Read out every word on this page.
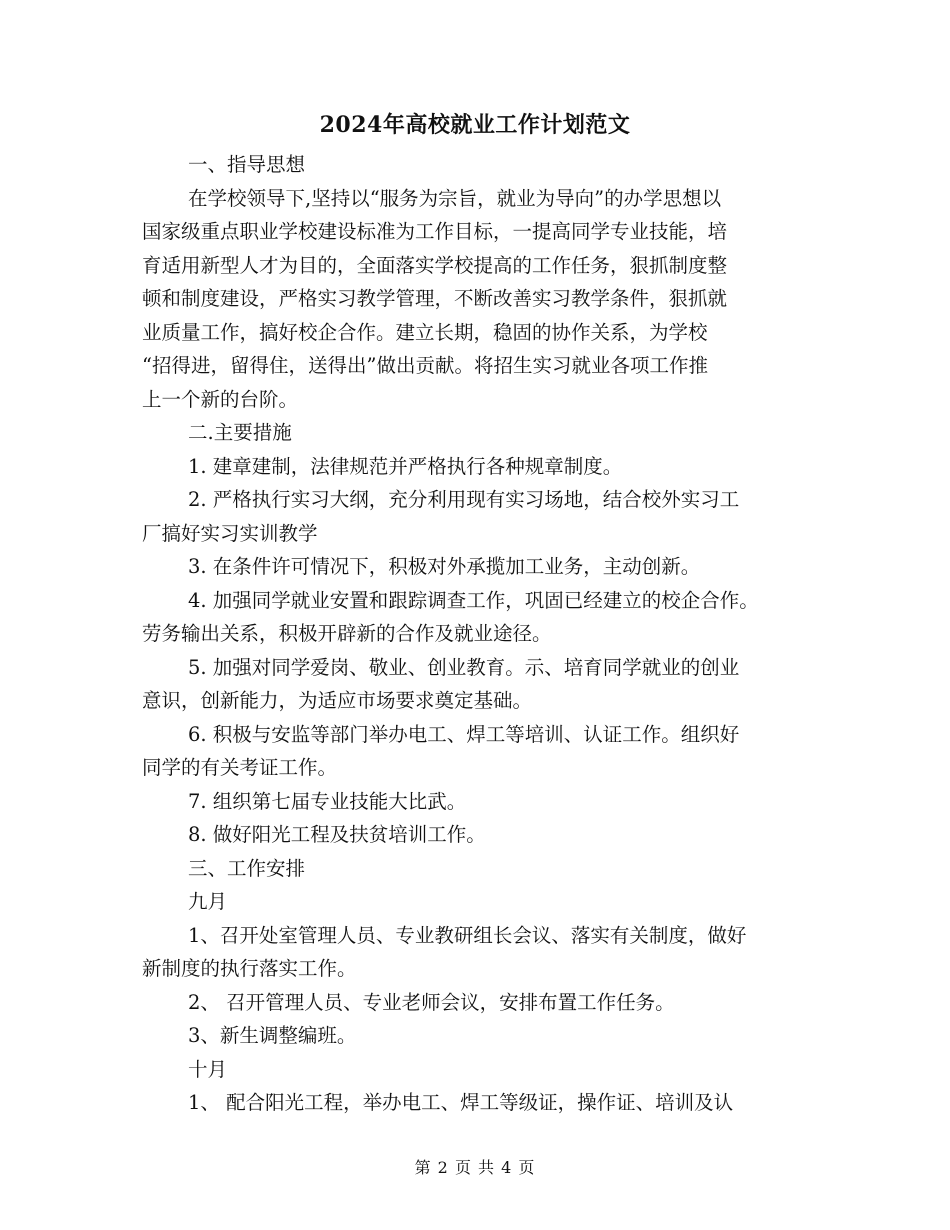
2024年高校就业工作计划范文
一、指导思想
在学校领导下,坚持以“服务为宗旨，就业为导向”的办学思想以
国家级重点职业学校建设标准为工作目标，一提高同学专业技能，培
育适用新型人才为目的，全面落实学校提高的工作任务，狠抓制度整
顿和制度建设，严格实习教学管理，不断改善实习教学条件，狠抓就
业质量工作，搞好校企合作。建立长期，稳固的协作关系，为学校
“招得进，留得住，送得出”做出贡献。将招生实习就业各项工作推
上一个新的台阶。
二.主要措施
1. 建章建制，法律规范并严格执行各种规章制度。
2. 严格执行实习大纲，充分利用现有实习场地，结合校外实习工
厂搞好实习实训教学
3. 在条件许可情况下，积极对外承揽加工业务，主动创新。
4. 加强同学就业安置和跟踪调查工作，巩固已经建立的校企合作。
劳务输出关系，积极开辟新的合作及就业途径。
5. 加强对同学爱岗、敬业、创业教育。示、培育同学就业的创业
意识，创新能力，为适应市场要求奠定基础。
6. 积极与安监等部门举办电工、焊工等培训、认证工作。组织好
同学的有关考证工作。
7. 组织第七届专业技能大比武。
8. 做好阳光工程及扶贫培训工作。
三、工作安排
九月
1、召开处室管理人员、专业教研组长会议、落实有关制度，做好
新制度的执行落实工作。
2、 召开管理人员、专业老师会议，安排布置工作任务。
3、新生调整编班。
十月
1、 配合阳光工程，举办电工、焊工等级证，操作证、培训及认
第 2 页 共 4 页
